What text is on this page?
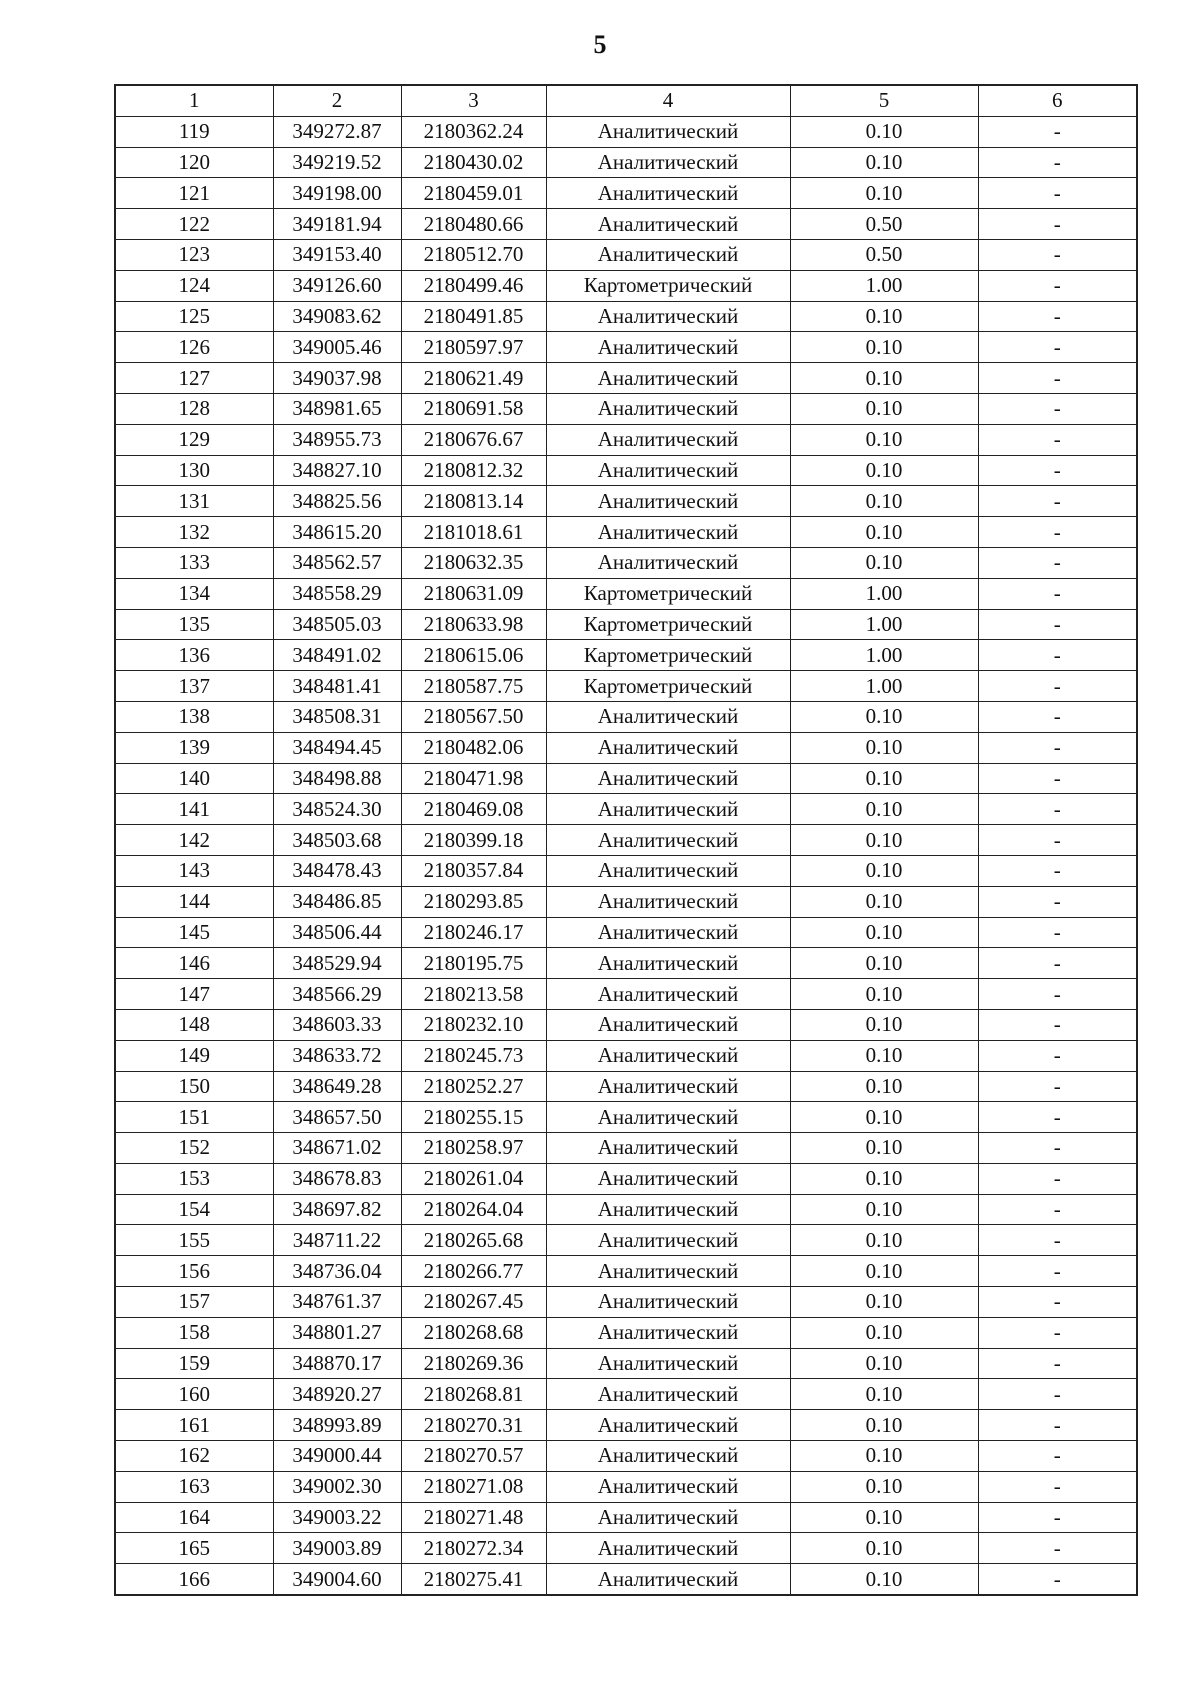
5
1	2	3	4	5	6
119	349272.87	2180362.24	Аналитический	0.10	-
120	349219.52	2180430.02	Аналитический	0.10	-
121	349198.00	2180459.01	Аналитический	0.10	-
122	349181.94	2180480.66	Аналитический	0.50	-
123	349153.40	2180512.70	Аналитический	0.50	-
124	349126.60	2180499.46	Картометрический	1.00	-
125	349083.62	2180491.85	Аналитический	0.10	-
126	349005.46	2180597.97	Аналитический	0.10	-
127	349037.98	2180621.49	Аналитический	0.10	-
128	348981.65	2180691.58	Аналитический	0.10	-
129	348955.73	2180676.67	Аналитический	0.10	-
130	348827.10	2180812.32	Аналитический	0.10	-
131	348825.56	2180813.14	Аналитический	0.10	-
132	348615.20	2181018.61	Аналитический	0.10	-
133	348562.57	2180632.35	Аналитический	0.10	-
134	348558.29	2180631.09	Картометрический	1.00	-
135	348505.03	2180633.98	Картометрический	1.00	-
136	348491.02	2180615.06	Картометрический	1.00	-
137	348481.41	2180587.75	Картометрический	1.00	-
138	348508.31	2180567.50	Аналитический	0.10	-
139	348494.45	2180482.06	Аналитический	0.10	-
140	348498.88	2180471.98	Аналитический	0.10	-
141	348524.30	2180469.08	Аналитический	0.10	-
142	348503.68	2180399.18	Аналитический	0.10	-
143	348478.43	2180357.84	Аналитический	0.10	-
144	348486.85	2180293.85	Аналитический	0.10	-
145	348506.44	2180246.17	Аналитический	0.10	-
146	348529.94	2180195.75	Аналитический	0.10	-
147	348566.29	2180213.58	Аналитический	0.10	-
148	348603.33	2180232.10	Аналитический	0.10	-
149	348633.72	2180245.73	Аналитический	0.10	-
150	348649.28	2180252.27	Аналитический	0.10	-
151	348657.50	2180255.15	Аналитический	0.10	-
152	348671.02	2180258.97	Аналитический	0.10	-
153	348678.83	2180261.04	Аналитический	0.10	-
154	348697.82	2180264.04	Аналитический	0.10	-
155	348711.22	2180265.68	Аналитический	0.10	-
156	348736.04	2180266.77	Аналитический	0.10	-
157	348761.37	2180267.45	Аналитический	0.10	-
158	348801.27	2180268.68	Аналитический	0.10	-
159	348870.17	2180269.36	Аналитический	0.10	-
160	348920.27	2180268.81	Аналитический	0.10	-
161	348993.89	2180270.31	Аналитический	0.10	-
162	349000.44	2180270.57	Аналитический	0.10	-
163	349002.30	2180271.08	Аналитический	0.10	-
164	349003.22	2180271.48	Аналитический	0.10	-
165	349003.89	2180272.34	Аналитический	0.10	-
166	349004.60	2180275.41	Аналитический	0.10	-
